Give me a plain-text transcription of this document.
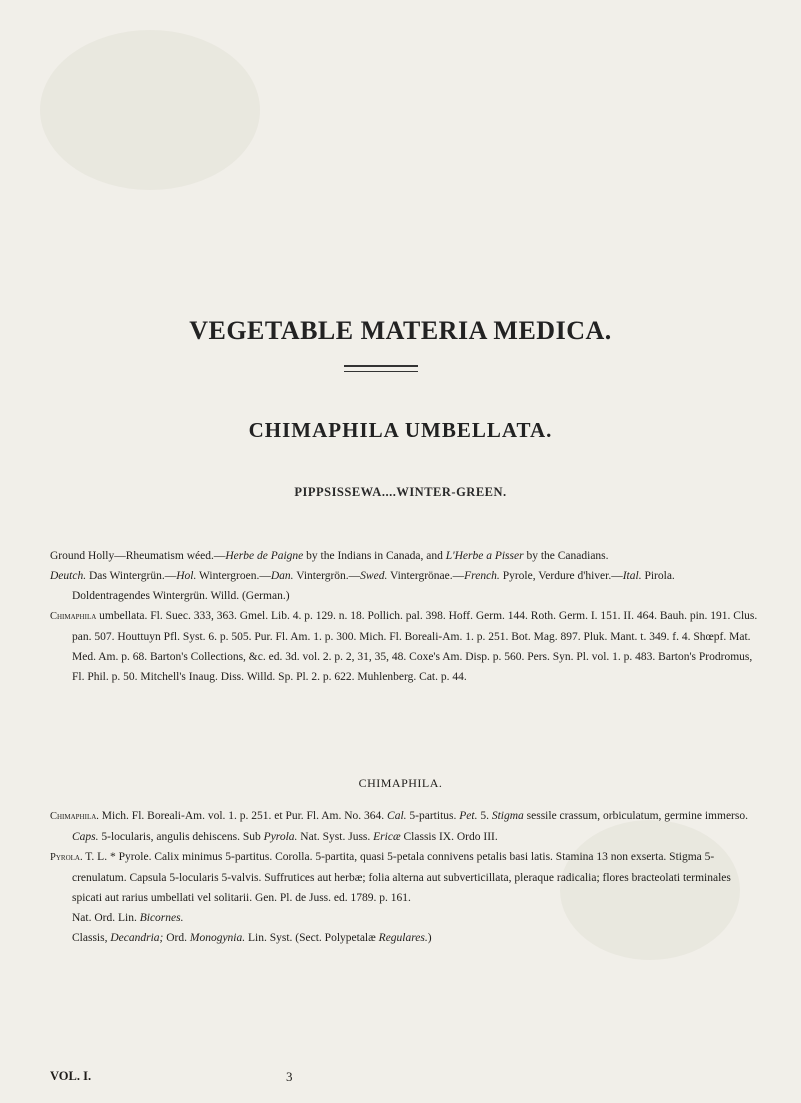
VEGETABLE MATERIA MEDICA.
CHIMAPHILA UMBELLATA.
PIPPSISSEWA....WINTER-GREEN.

Ground Holly—Rheumatism wéed.—Herbe de Paigne by the Indians in Canada, and L'Herbe a Pisser by the Canadians.

Deutch. Das Wintergrün.—Hol. Wintergroen.—Dan. Vintergrön.—Swed. Vintergrönae.—French. Pyrole, Verdure d'hiver.—Ital. Pirola.

Doldentragendes Wintergrün. Willd. (German.)

Chimaphila umbellata. Fl. Suec. 333, 363. Gmel. Lib. 4. p. 129. n. 18. Pollich. pal. 398. Hoff. Germ. 144. Roth. Germ. I. 151. II. 464. Bauh. pin. 191. Clus. pan. 507. Houttuyn Pfl. Syst. 6. p. 505. Pur. Fl. Am. 1. p. 300. Mich. Fl. Boreali-Am. 1. p. 251. Bot. Mag. 897. Pluk. Mant. t. 349. f. 4. Shœpf. Mat. Med. Am. p. 68. Barton's Collections, &c. ed. 3d. vol. 2. p. 2, 31, 35, 48. Coxe's Am. Disp. p. 560. Pers. Syn. Pl. vol. 1. p. 483. Barton's Prodromus, Fl. Phil. p. 50. Mitchell's Inaug. Diss. Willd. Sp. Pl. 2. p. 622. Muhlenberg. Cat. p. 44.

CHIMAPHILA.

Chimaphila. Mich. Fl. Boreali-Am. vol. 1. p. 251. et Pur. Fl. Am. No. 364. Cal. 5-partitus. Pet. 5. Stigma sessile crassum, orbiculatum, germine immerso. Caps. 5-locularis, angulis dehiscens. Sub Pyrola. Nat. Syst. Juss. Ericæ Classis IX. Ordo III.

Pyrola. T. L. * Pyrole. Calix minimus 5-partitus. Corolla. 5-partita, quasi 5-petala connivens petalis basi latis. Stamina 13 non exserta. Stigma 5-crenulatum. Capsula 5-locularis 5-valvis. Suffrutices aut herbæ; folia alterna aut subverticillata, pleraque radicalia; flores bracteolati terminales spicati aut rarius umbellati vel solitarii. Gen. Pl. de Juss. ed. 1789. p. 161.

Nat. Ord. Lin. Bicornes.

Classis, Decandria; Ord. Monogynia. Lin. Syst. (Sect. Polypetalæ Regulares.)

VOL. I.	3
